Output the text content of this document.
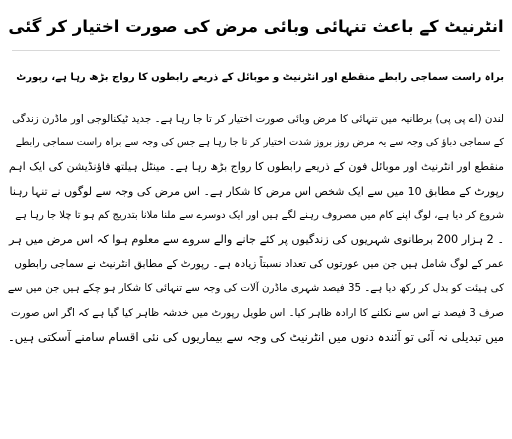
انٹرنیٹ کے باعث تنہائی وبائی مرض کی صورت اختیار کر گئی
براہ راست سماجی رابطے منقطع اور انٹرنیٹ و موبائل کے ذریعے رابطوں کا رواج بڑھ رہا ہے، رپورٹ
لندن (اے پی پی) برطانیہ میں تنہائی کا مرض وبائی صورت اختیار کر تا جا رہا ہے۔ جدید ٹیکنالوجی اور ماڈرن زندگی
کے سماجی دباؤ کی وجہ سے یہ مرض روز بروز شدت اختیار کر تا جا رہا ہے جس کی وجہ سے براہ راست سماجی رابطے
منقطع اور انٹرنیٹ اور موبائل فون کے ذریعے رابطوں کا رواج بڑھ رہا ہے۔ مینٹل ہیلتھ فاؤنڈیشن کی ایک اہم
رپورٹ کے مطابق 10 میں سے ایک شخص اس مرض کا شکار ہے۔ اس مرض کی وجہ سے لوگوں نے تنہا رہنا
شروع کر دیا ہے، لوگ اپنے کام میں مصروف رہنے لگے ہیں اور ایک دوسرے سے ملنا ملانا بتدریج کم ہو تا چلا جا رہا ہے
۔ 2 ہزار 200 برطانوی شہریوں کی زندگیوں پر کئے جانے والے سروے سے معلوم ہوا کہ اس مرض میں ہر
عمر کے لوگ شامل ہیں جن میں عورتوں کی تعداد نسبتاً زیادہ ہے۔ رپورٹ کے مطابق انٹرنیٹ نے سماجی رابطوں
کی ہیئت کو بدل کر رکھ دیا ہے۔ 35 فیصد شہری ماڈرن آلات کی وجہ سے تنہائی کا شکار ہو چکے ہیں جن میں سے
صرف 3 فیصد نے اس سے نکلنے کا ارادہ ظاہر کیا۔ اس طویل رپورٹ میں خدشہ ظاہر کیا گیا ہے کہ اگر اس صورت
میں تبدیلی نہ آئی تو آئندہ دنوں میں انٹرنیٹ کی وجہ سے بیماریوں کی نئی اقسام سامنے آسکتی ہیں۔
